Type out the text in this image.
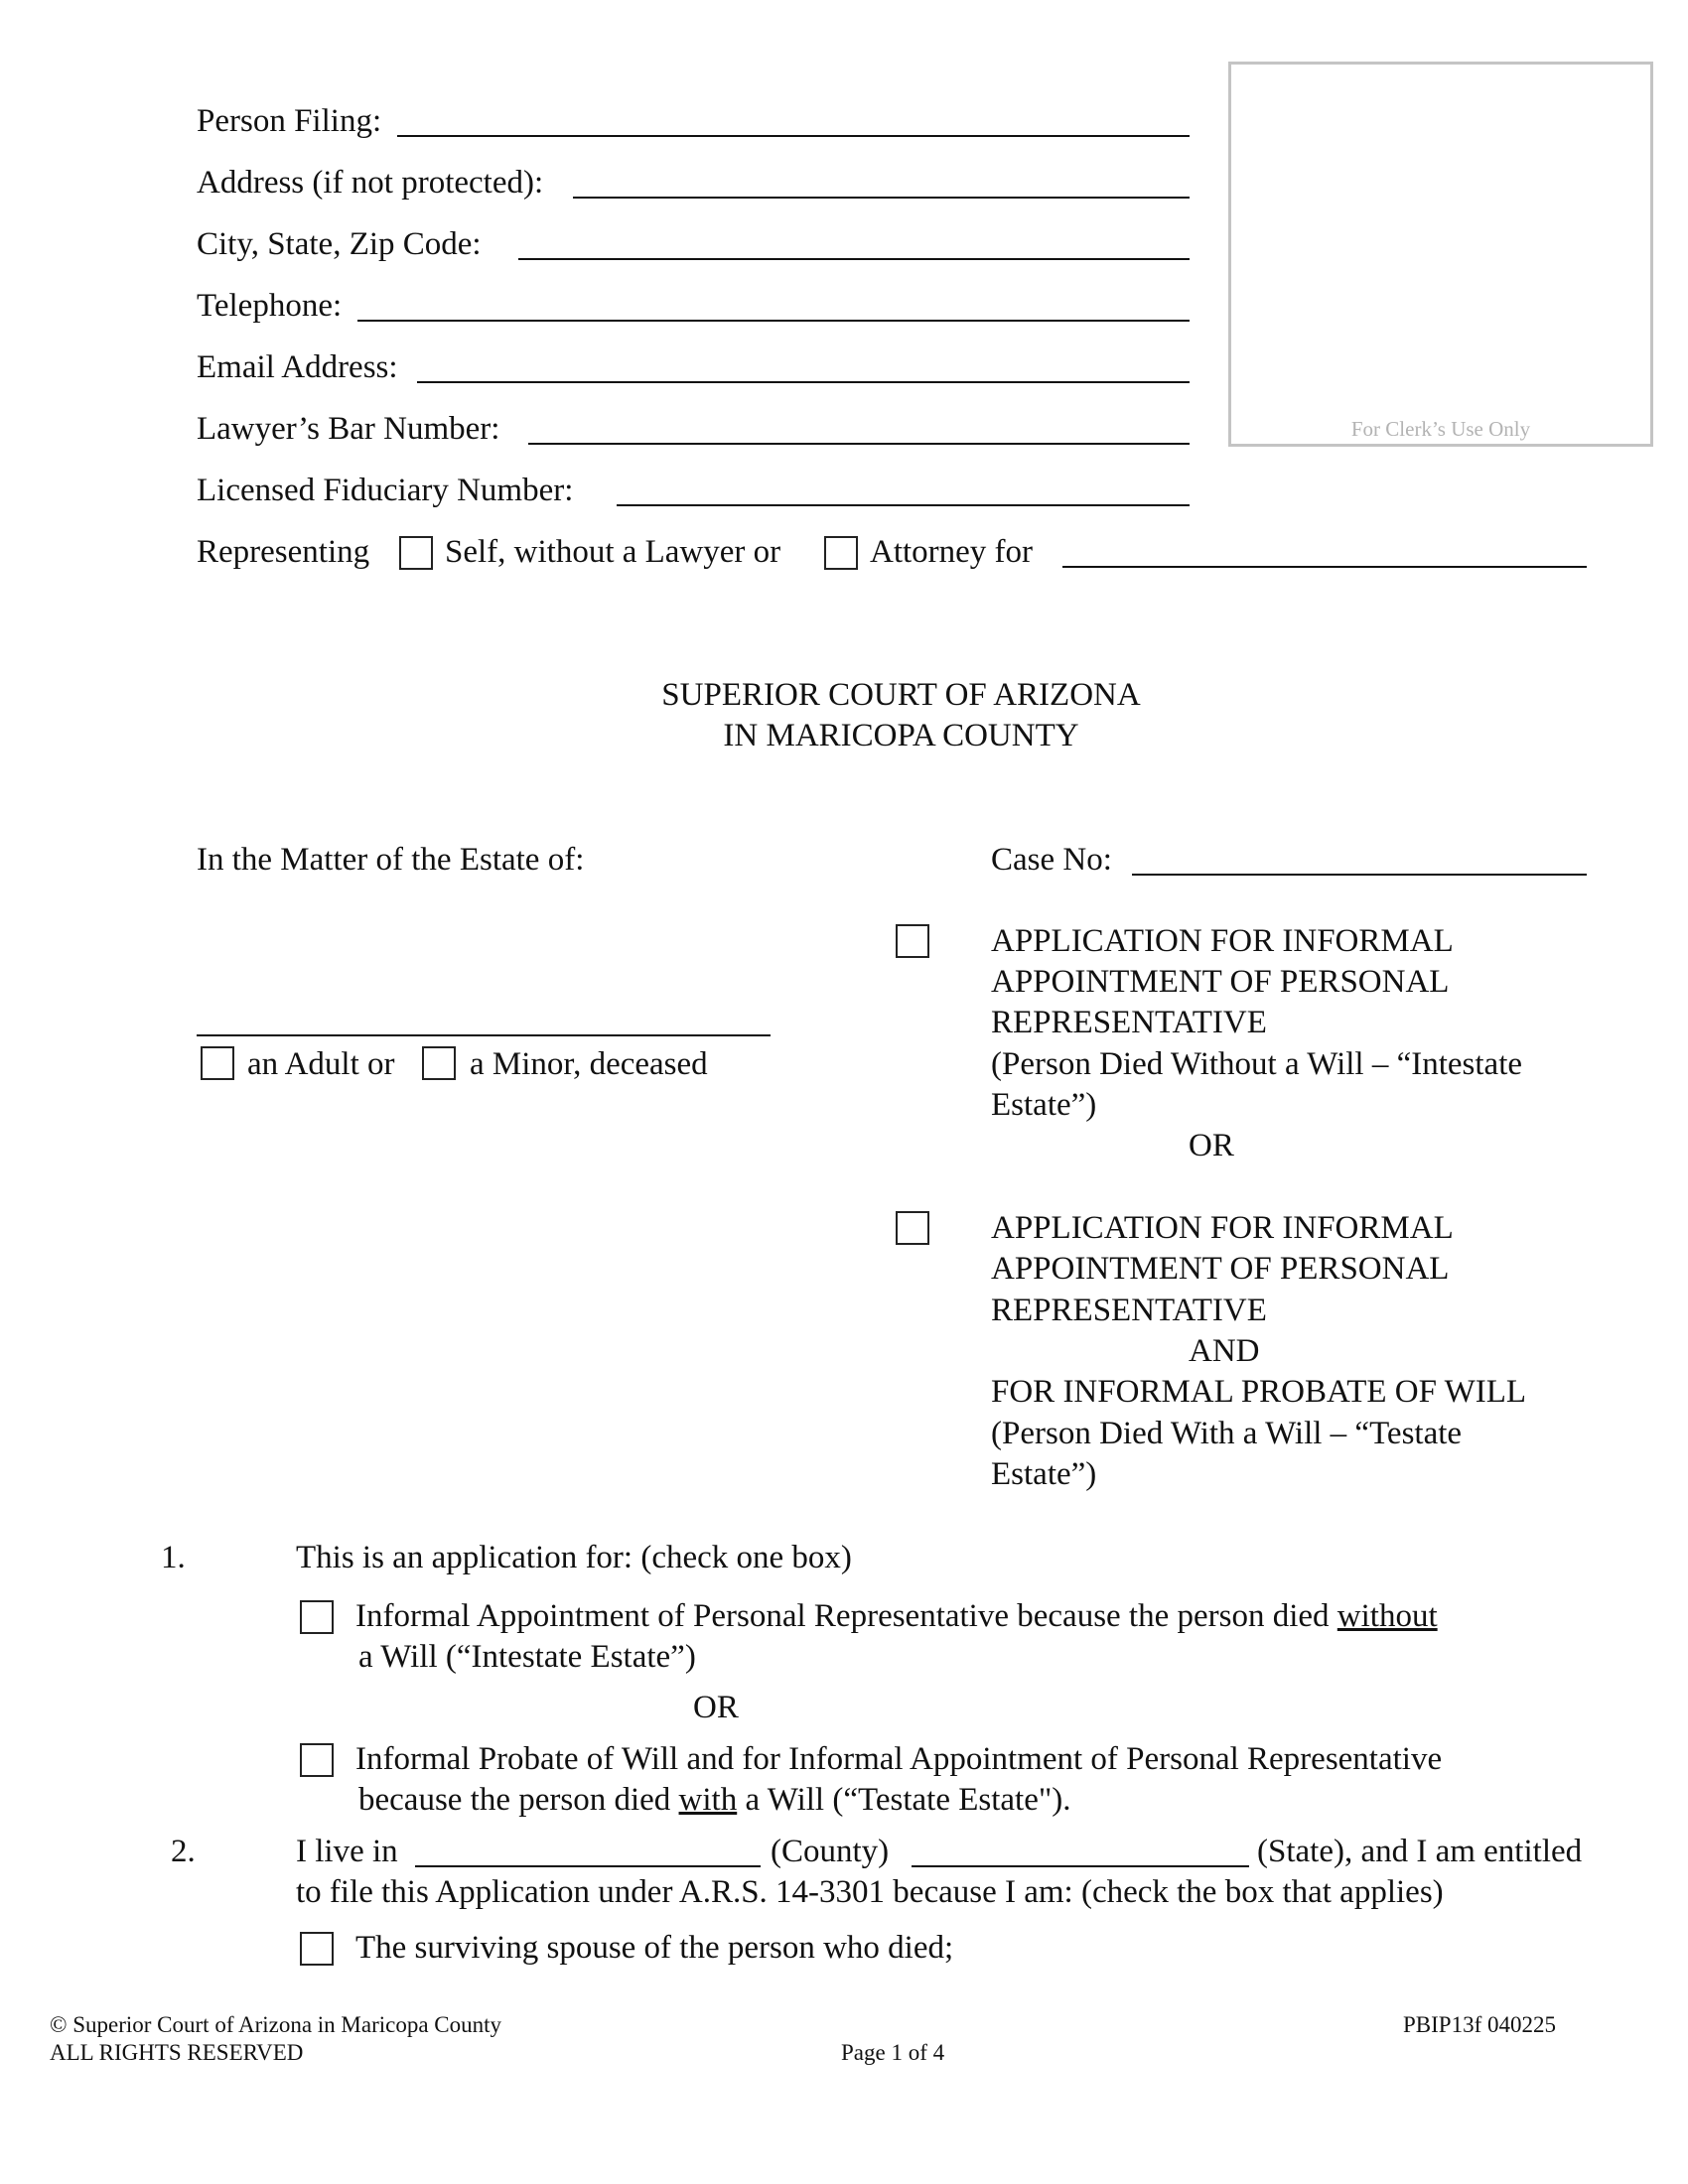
Person Filing:
Address (if not protected):
City, State, Zip Code:
Telephone:
Email Address:
Lawyer’s Bar Number:
Licensed Fiduciary Number:
Representing Self, without a Lawyer or	Attorney for
For Clerk’s Use Only
SUPERIOR COURT OF ARIZONA
IN MARICOPA COUNTY
In the Matter of the Estate of:
an Adult or a Minor, deceased
Case No:
APPLICATION FOR INFORMAL
APPOINTMENT OF PERSONAL
REPRESENTATIVE
(Person Died Without a Will – “Intestate
Estate”)
OR
APPLICATION FOR INFORMAL
APPOINTMENT OF PERSONAL
REPRESENTATIVE
AND
FOR INFORMAL PROBATE OF WILL
(Person Died With a Will – “Testate
Estate”)
1.	This is an application for: (check one box)
Informal Appointment of Personal Representative because the person died without
a Will (“Intestate Estate”)
OR
Informal Probate of Will and for Informal Appointment of Personal Representative
because the person died with a Will (“Testate Estate").
2.	I live in	(County)	(State), and I am entitled
to file this Application under A.R.S. 14-3301 because I am: (check the box that applies)
The surviving spouse of the person who died;
© Superior Court of Arizona in Maricopa County
ALL RIGHTS RESERVED
PBIP13f 040225
Page 1 of 4
